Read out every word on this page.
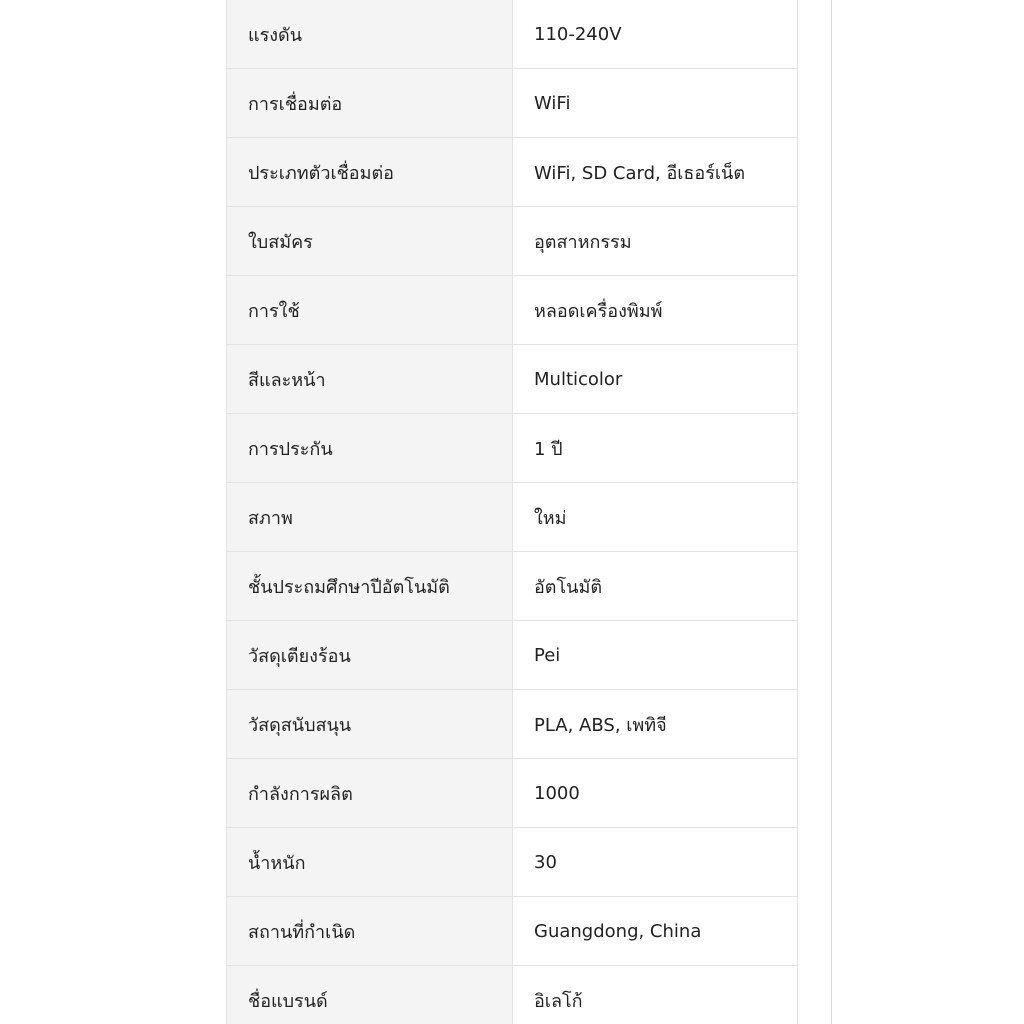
แรงดัน	110-240V
การเชื่อมต่อ	WiFi
ประเภทตัวเชื่อมต่อ	WiFi, SD Card, อีเธอร์เน็ต
ใบสมัคร	อุตสาหกรรม
การใช้	หลอดเครื่องพิมพ์
สีและหน้า	Multicolor
การประกัน	1 ปี
สภาพ	ใหม่
ชั้นประถมศึกษาปีอัตโนมัติ	อัตโนมัติ
วัสดุเตียงร้อน	Pei
วัสดุสนับสนุน	PLA, ABS, เพทิจี
กำลังการผลิต	1000
น้ำหนัก	30
สถานที่กำเนิด	Guangdong, China
ชื่อแบรนด์	อิเลโก้
